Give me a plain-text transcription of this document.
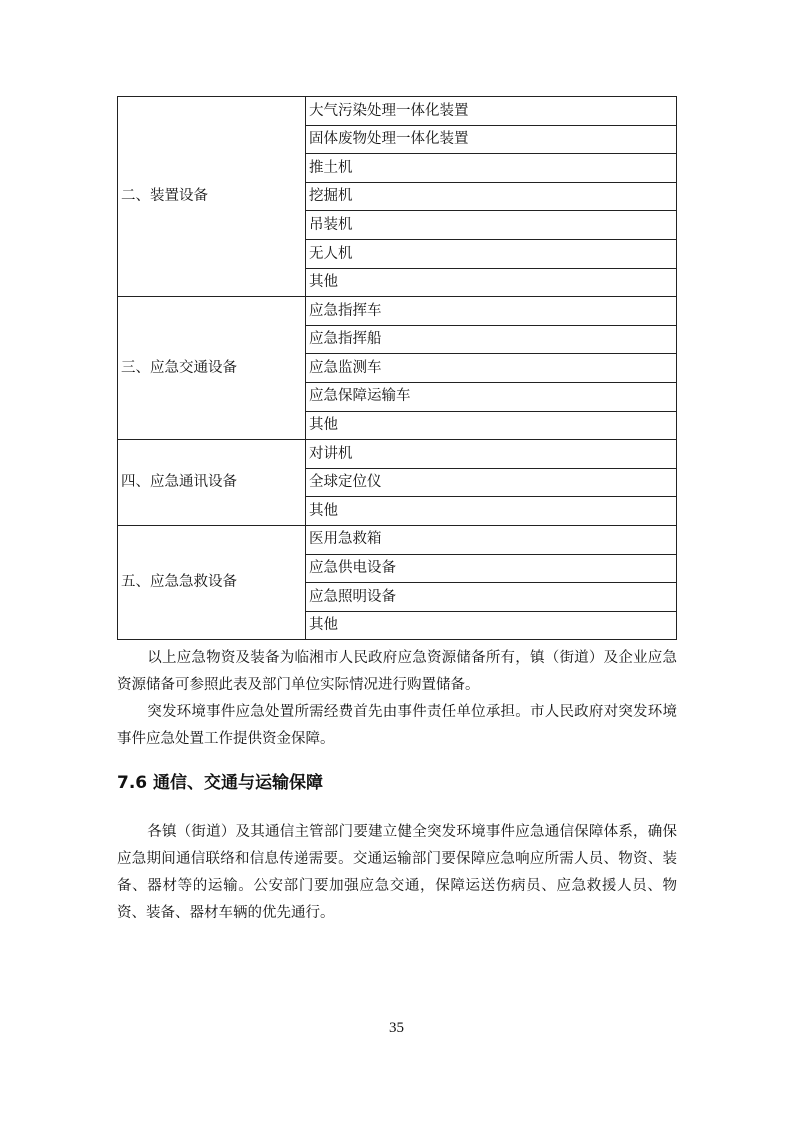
二、装置设备	大气污染处理一体化装置
	固体废物处理一体化装置
	推土机
	挖掘机
	吊装机
	无人机
	其他
三、应急交通设备	应急指挥车
	应急指挥船
	应急监测车
	应急保障运输车
	其他
四、应急通讯设备	对讲机
	全球定位仪
	其他
五、应急急救设备	医用急救箱
	应急供电设备
	应急照明设备
	其他
以上应急物资及装备为临湘市人民政府应急资源储备所有，镇（街道）及企业应急资源储备可参照此表及部门单位实际情况进行购置储备。
突发环境事件应急处置所需经费首先由事件责任单位承担。市人民政府对突发环境事件应急处置工作提供资金保障。
7.6 通信、交通与运输保障
各镇（街道）及其通信主管部门要建立健全突发环境事件应急通信保障体系，确保应急期间通信联络和信息传递需要。交通运输部门要保障应急响应所需人员、物资、装备、器材等的运输。公安部门要加强应急交通，保障运送伤病员、应急救援人员、物资、装备、器材车辆的优先通行。
35
